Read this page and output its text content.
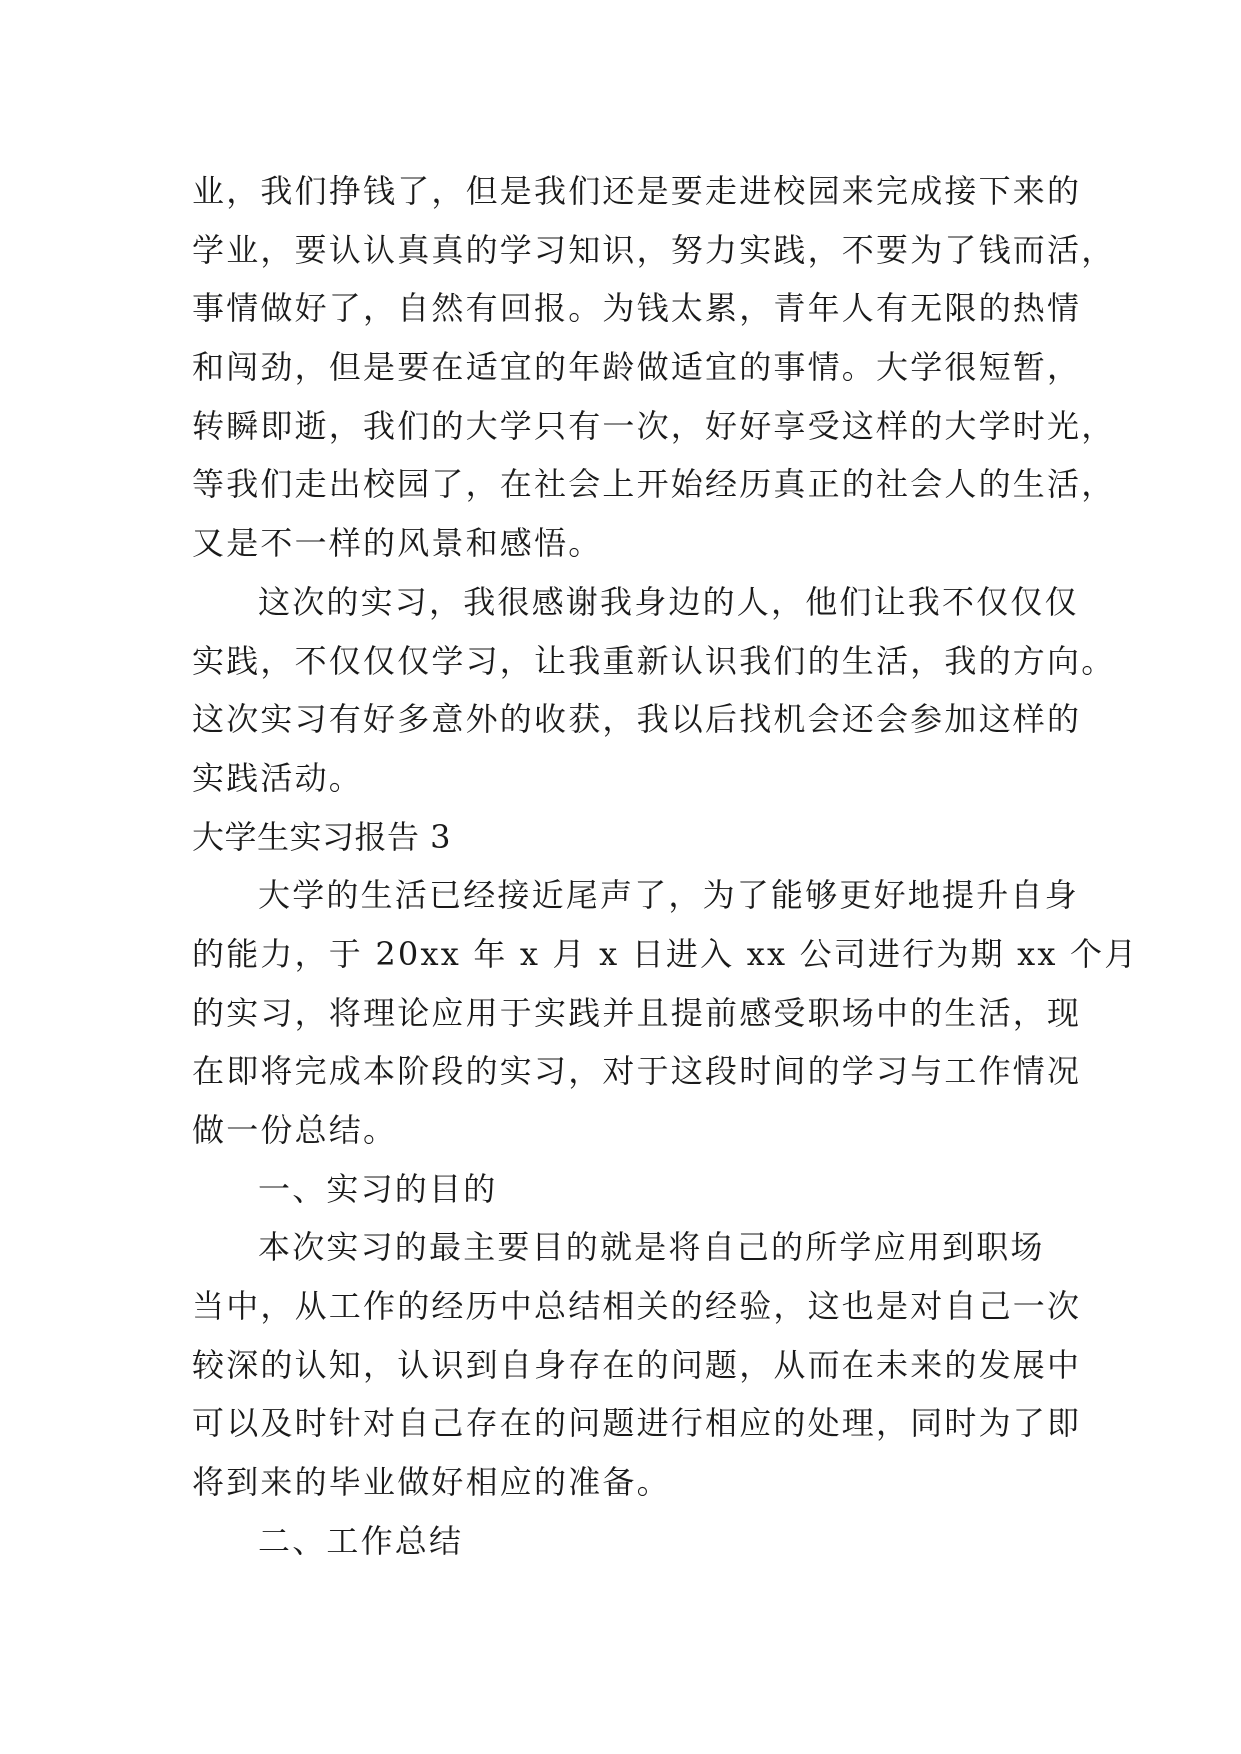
业，我们挣钱了，但是我们还是要走进校园来完成接下来的
学业，要认认真真的学习知识，努力实践，不要为了钱而活，
事情做好了，自然有回报。为钱太累，青年人有无限的热情
和闯劲，但是要在适宜的年龄做适宜的事情。大学很短暂，
转瞬即逝，我们的大学只有一次，好好享受这样的大学时光，
等我们走出校园了，在社会上开始经历真正的社会人的生活，
又是不一样的风景和感悟。
这次的实习，我很感谢我身边的人，他们让我不仅仅仅
实践，不仅仅仅学习，让我重新认识我们的生活，我的方向。
这次实习有好多意外的收获，我以后找机会还会参加这样的
实践活动。
大学生实习报告 3
大学的生活已经接近尾声了，为了能够更好地提升自身
的能力，于 20xx 年 x 月 x 日进入 xx 公司进行为期 xx 个月
的实习，将理论应用于实践并且提前感受职场中的生活，现
在即将完成本阶段的实习，对于这段时间的学习与工作情况
做一份总结。
一、实习的目的
本次实习的最主要目的就是将自己的所学应用到职场
当中，从工作的经历中总结相关的经验，这也是对自己一次
较深的认知，认识到自身存在的问题，从而在未来的发展中
可以及时针对自己存在的问题进行相应的处理，同时为了即
将到来的毕业做好相应的准备。
二、工作总结
